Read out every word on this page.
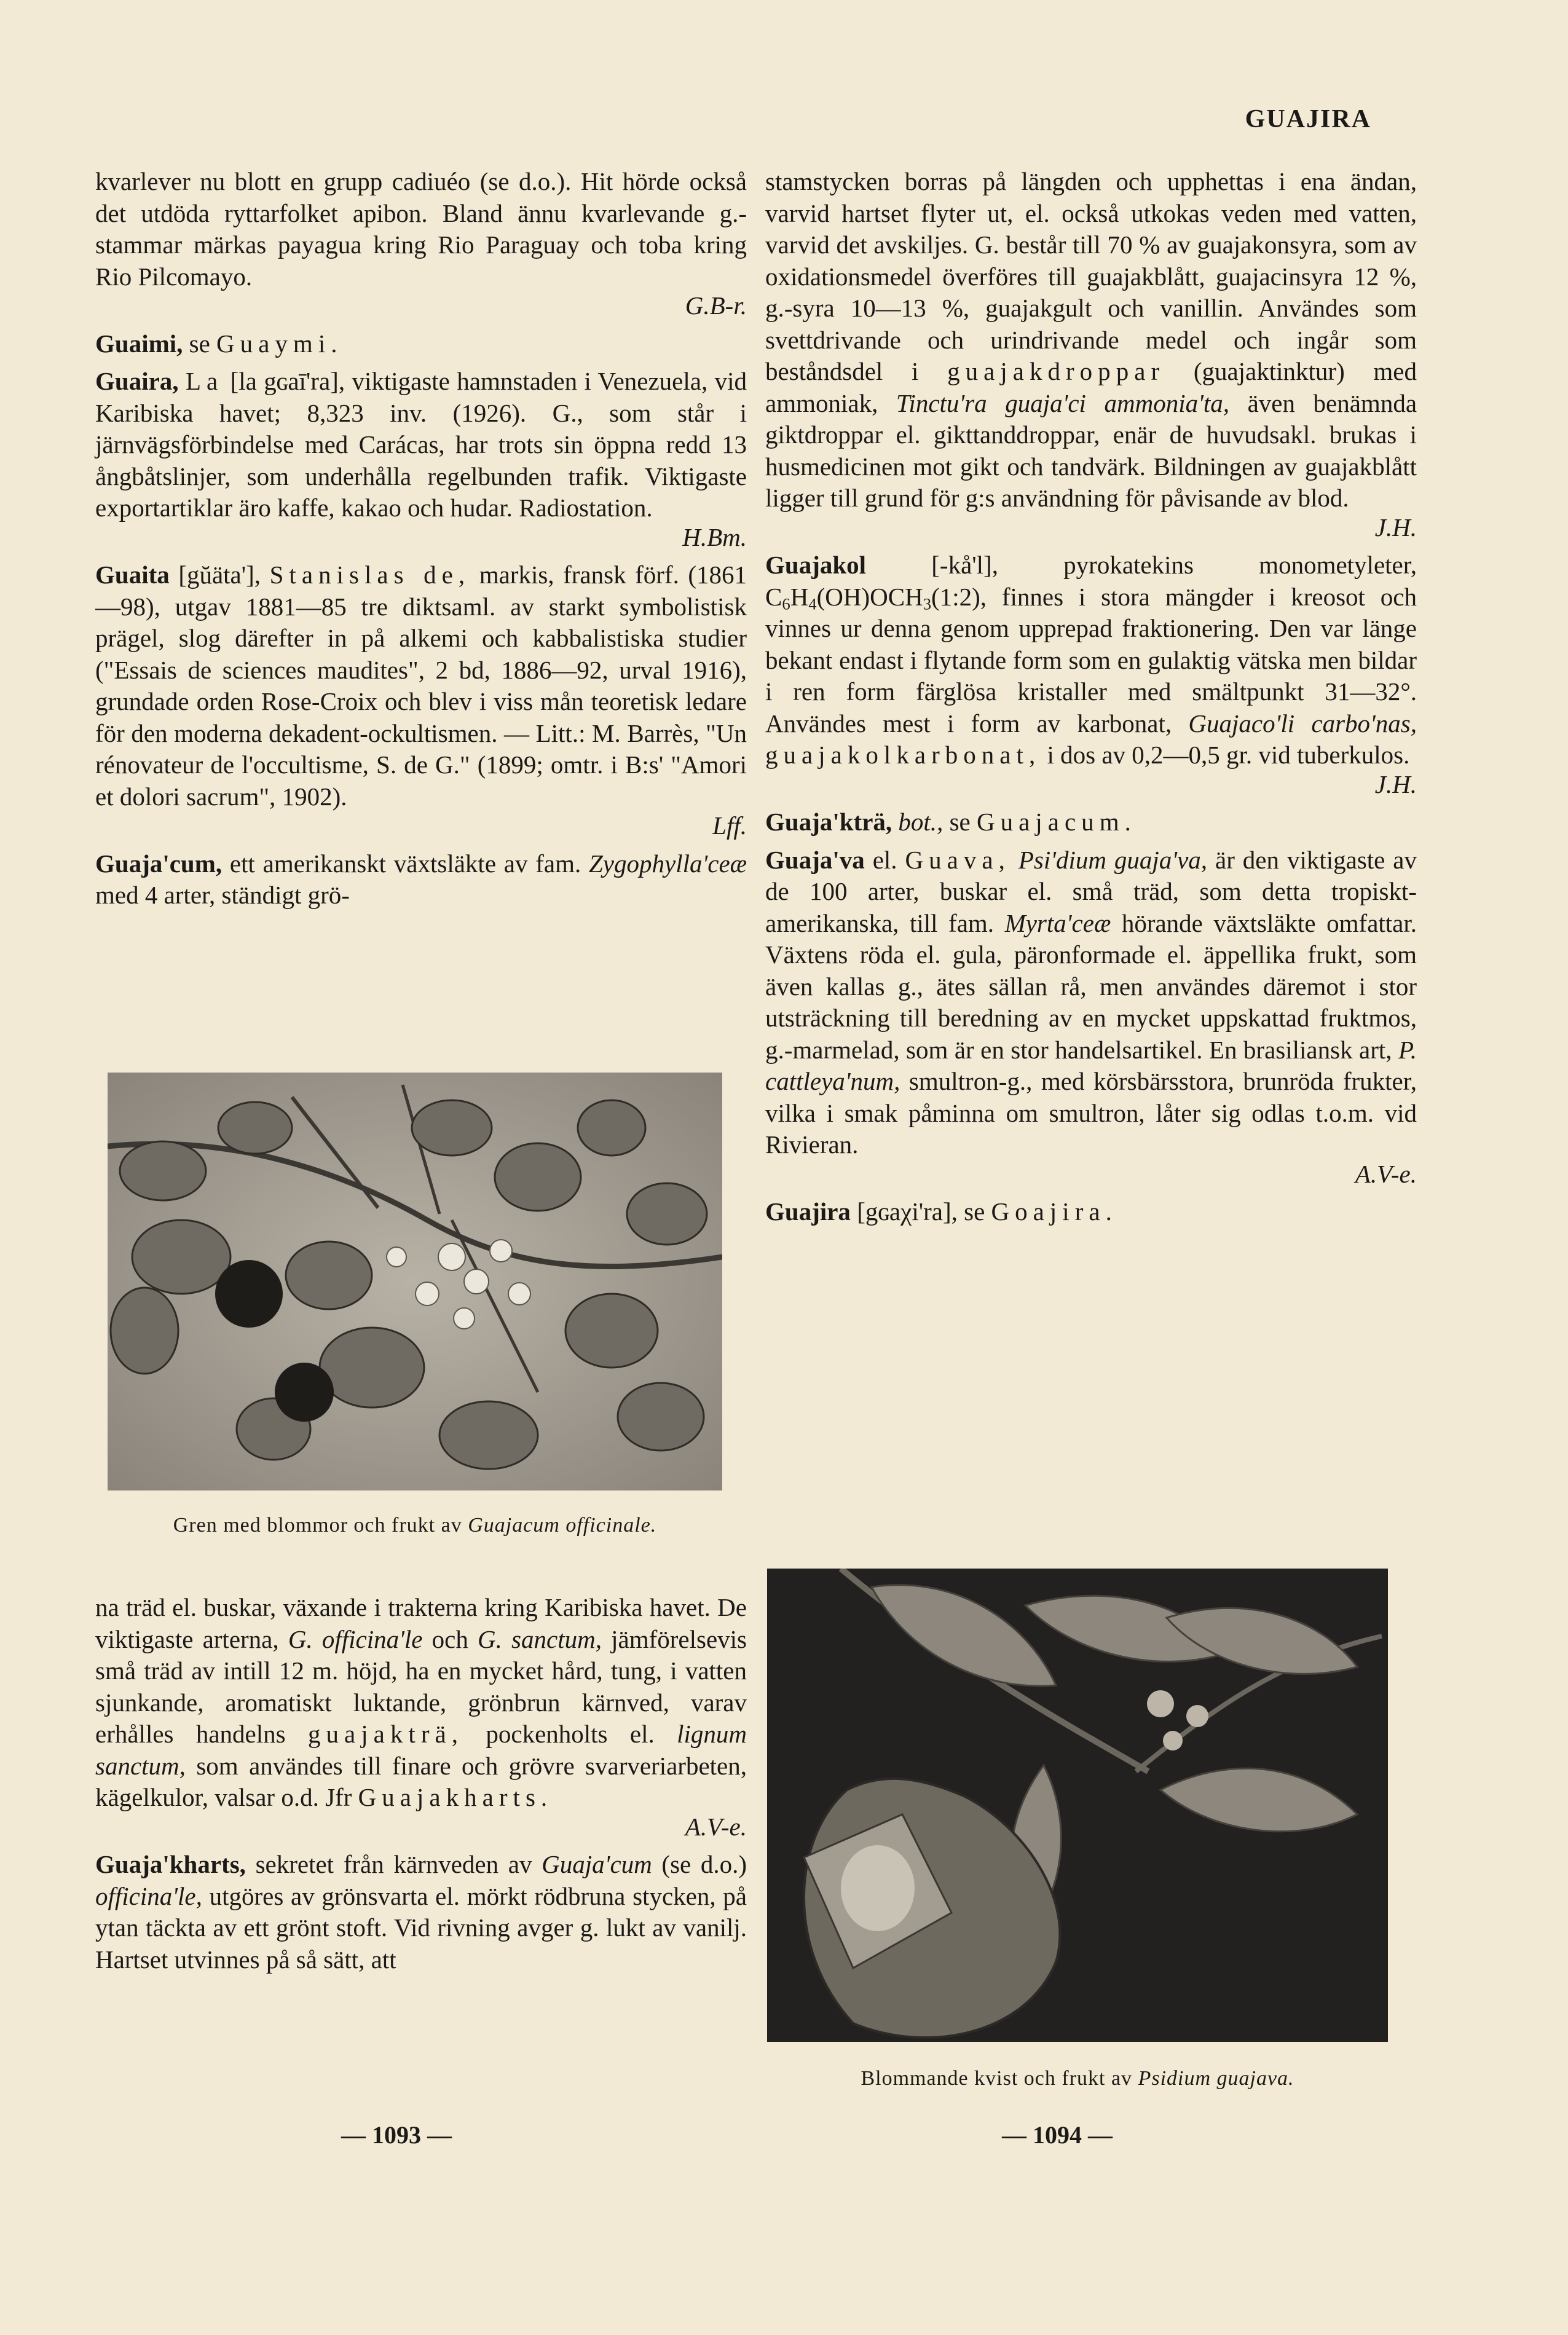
GUAJIRA

kvarlever nu blott en grupp cadiuéo (se d.o.). Hit hörde också det utdöda ryttarfolket apibon. Bland ännu kvarlevande g.-stammar märkas payagua kring Rio Paraguay och toba kring Rio Pilcomayo.
G.B-r.

Guaimi, se Guaymi.

Guaira, La [la gɢaī'ra], viktigaste hamnstaden i Venezuela, vid Karibiska havet; 8,323 inv. (1926). G., som står i järnvägsförbindelse med Carácas, har trots sin öppna redd 13 ångbåtslinjer, som underhålla regelbunden trafik. Viktigaste exportartiklar äro kaffe, kakao och hudar. Radiostation.
H.Bm.

Guaita [gŭäta'], Stanislas de, markis, fransk förf. (1861—98), utgav 1881—85 tre diktsaml. av starkt symbolistisk prägel, slog därefter in på alkemi och kabbalistiska studier ("Essais de sciences maudites", 2 bd, 1886—92, urval 1916), grundade orden Rose-Croix och blev i viss mån teoretisk ledare för den moderna dekadent-ockultismen. — Litt.: M. Barrès, "Un rénovateur de l'occultisme, S. de G." (1899; omtr. i B:s' "Amori et dolori sacrum", 1902).
Lff.

Guaja'cum, ett amerikanskt växtsläkte av fam. Zygophylla'ceæ med 4 arter, ständigt grö-

Gren med blommor och frukt av Guajacum officinale.

na träd el. buskar, växande i trakterna kring Karibiska havet. De viktigaste arterna, G. officina'le och G. sanctum, jämförelsevis små träd av intill 12 m. höjd, ha en mycket hård, tung, i vatten sjunkande, aromatiskt luktande, grönbrun kärnved, varav erhålles handelns guajakträ, pockenholts el. lignum sanctum, som användes till finare och grövre svarveriarbeten, kägelkulor, valsar o.d. Jfr Guajakharts.
A.V-e.

Guaja'kharts, sekretet från kärnveden av Guaja'cum (se d.o.) officina'le, utgöres av grönsvarta el. mörkt rödbruna stycken, på ytan täckta av ett grönt stoft. Vid rivning avger g. lukt av vanilj. Hartset utvinnes på så sätt, att

stamstycken borras på längden och upphettas i ena ändan, varvid hartset flyter ut, el. också utkokas veden med vatten, varvid det avskiljes. G. består till 70 % av guajakonsyra, som av oxidationsmedel överföres till guajakblått, guajacinsyra 12 %, g.-syra 10—13 %, guajakgult och vanillin. Användes som svettdrivande och urindrivande medel och ingår som beståndsdel i guajakdroppar (guajaktinktur) med ammoniak, Tinctu'ra guaja'ci ammonia'ta, även benämnda giktdroppar el. gikttanddroppar, enär de huvudsakl. brukas i husmedicinen mot gikt och tandvärk. Bildningen av guajakblått ligger till grund för g:s användning för påvisande av blod.
J.H.

Guajakol	[-kå'l], pyrokatekins monometyleter, $C_6H_4(OH)OCH_3(1:2)$, finnes i stora mängder i kreosot och vinnes ur denna genom upprepad fraktionering. Den var länge bekant endast i flytande form som en gulaktig vätska men bildar i ren form färglösa kristaller med smältpunkt 31—32°. Användes mest i form av karbonat, Guajaco'li carbo'nas, guajakolkarbonat, i dos av 0,2—0,5 gr. vid tuberkulos.
J.H.

Guaja'kträ, bot., se Guajacum.

Guaja'va el. Guava, Psi'dium guaja'va, är den viktigaste av de 100 arter, buskar el. små träd, som detta tropiskt-amerikanska, till fam. Myrta'ceæ hörande växtsläkte omfattar. Växtens röda el. gula, päronformade el. äppellika frukt, som även kallas g., ätes sällan rå, men användes däremot i stor utsträckning till beredning av en mycket uppskattad fruktmos, g.-marmelad, som är en stor handelsartikel. En brasiliansk art, P. cattleya'num, smultron-g., med körsbärsstora, brunröda frukter, vilka i smak påminna om smultron, låter sig odlas t.o.m. vid Rivieran.
A.V-e.

Guajira [gɢaχi'ra], se Goajira.

Blommande kvist och frukt av Psidium guajava.
— 1093 —	— 1094 —
